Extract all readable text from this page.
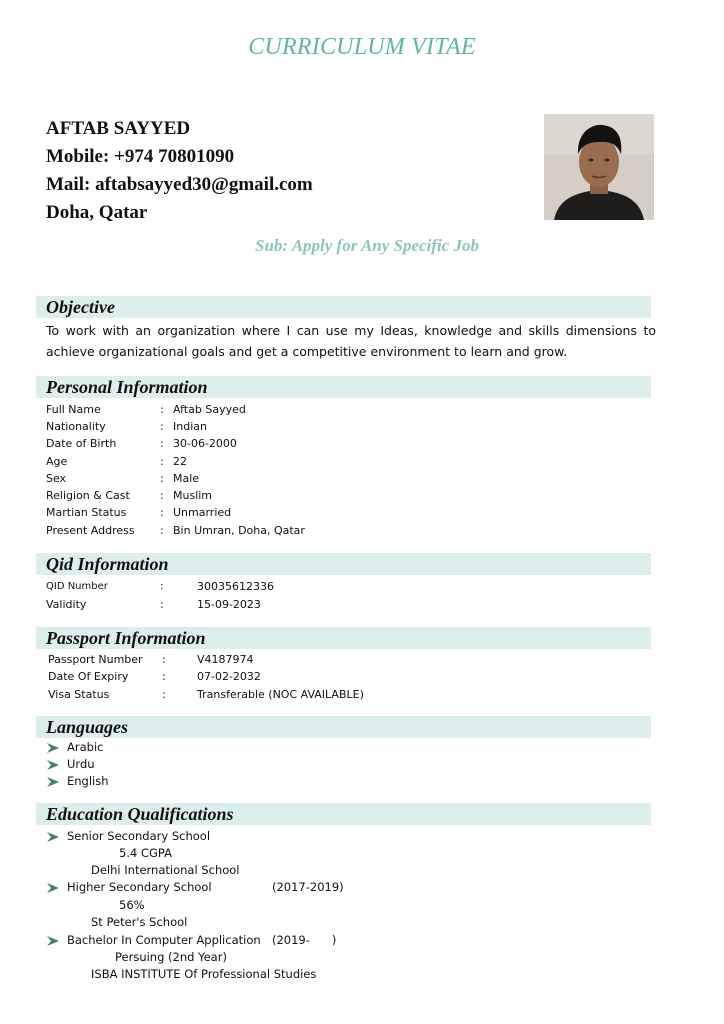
CURRICULUM VITAE
AFTAB SAYYED
Mobile: +974 70801090
Mail: aftabsayyed30@gmail.com
Doha, Qatar
Sub: Apply for Any Specific Job
Objective
To work with an organization where I can use my Ideas, knowledge and skills dimensions to achieve organizational goals and get a competitive environment to learn and grow.
Personal Information
Full Name	: Aftab Sayyed
Nationality	: Indian
Date of Birth	: 30-06-2000
Age	: 22
Sex	: Male
Religion & Cast	: Muslim
Martian Status	: Unmarried
Present Address : Bin Umran, Doha, Qatar
Qid Information
QID Number	:	30035612336
Validity	:	15-09-2023
Passport Information
Passport Number :	V4187974
Date Of Expiry	:	07-02-2032
Visa Status	:	Transferable (NOC AVAILABLE)
Languages
Arabic
Urdu
English
Education Qualifications
Senior Secondary School
5.4 CGPA
Delhi International School
Higher Secondary School	(2017-2019)
56%
St Peter's School
Bachelor In Computer Application (2019-      )
Persuing (2nd Year)
ISBA INSTITUTE Of Professional Studies
